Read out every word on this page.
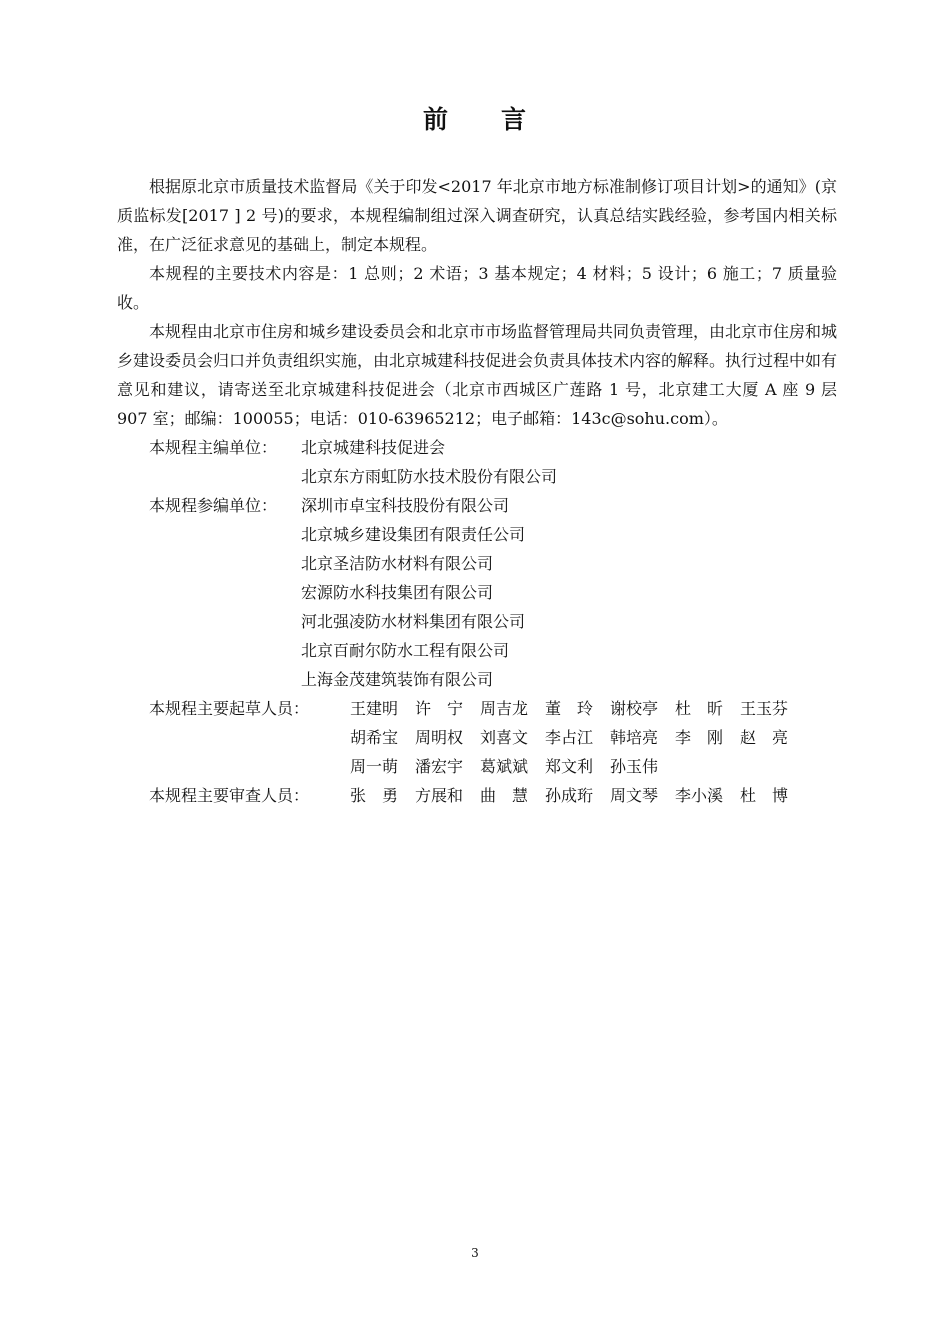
前 言

根据原北京市质量技术监督局《关于印发<2017 年北京市地方标准制修订项目计划>的通知》(京质监标发[2017 ] 2 号)的要求，本规程编制组过深入调查研究，认真总结实践经验，参考国内相关标准，在广泛征求意见的基础上，制定本规程。

本规程的主要技术内容是：1 总则；2 术语；3 基本规定；4 材料；5 设计；6 施工；7 质量验收。

本规程由北京市住房和城乡建设委员会和北京市市场监督管理局共同负责管理，由北京市住房和城乡建设委员会归口并负责组织实施，由北京城建科技促进会负责具体技术内容的解释。执行过程中如有意见和建议，请寄送至北京城建科技促进会（北京市西城区广莲路 1 号，北京建工大厦 A 座 9 层 907 室；邮编：100055；电话：010-63965212；电子邮箱：143c@sohu.com）。

本规程主编单位：	北京城建科技促进会
北京东方雨虹防水技术股份有限公司
本规程参编单位：	深圳市卓宝科技股份有限公司
北京城乡建设集团有限责任公司
北京圣洁防水材料有限公司
宏源防水科技集团有限公司
河北强凌防水材料集团有限公司
北京百耐尔防水工程有限公司
上海金茂建筑装饰有限公司
本规程主要起草人员：	王建明	许　宁	周吉龙	董　玲	谢校亭	杜　昕	王玉芬
胡希宝	周明权	刘喜文	李占江	韩培亮	李　刚	赵　亮
周一萌	潘宏宇	葛斌斌	郑文利	孙玉伟
本规程主要审查人员：	张　勇	方展和	曲　慧	孙成珩	周文琴	李小溪	杜　博
3
